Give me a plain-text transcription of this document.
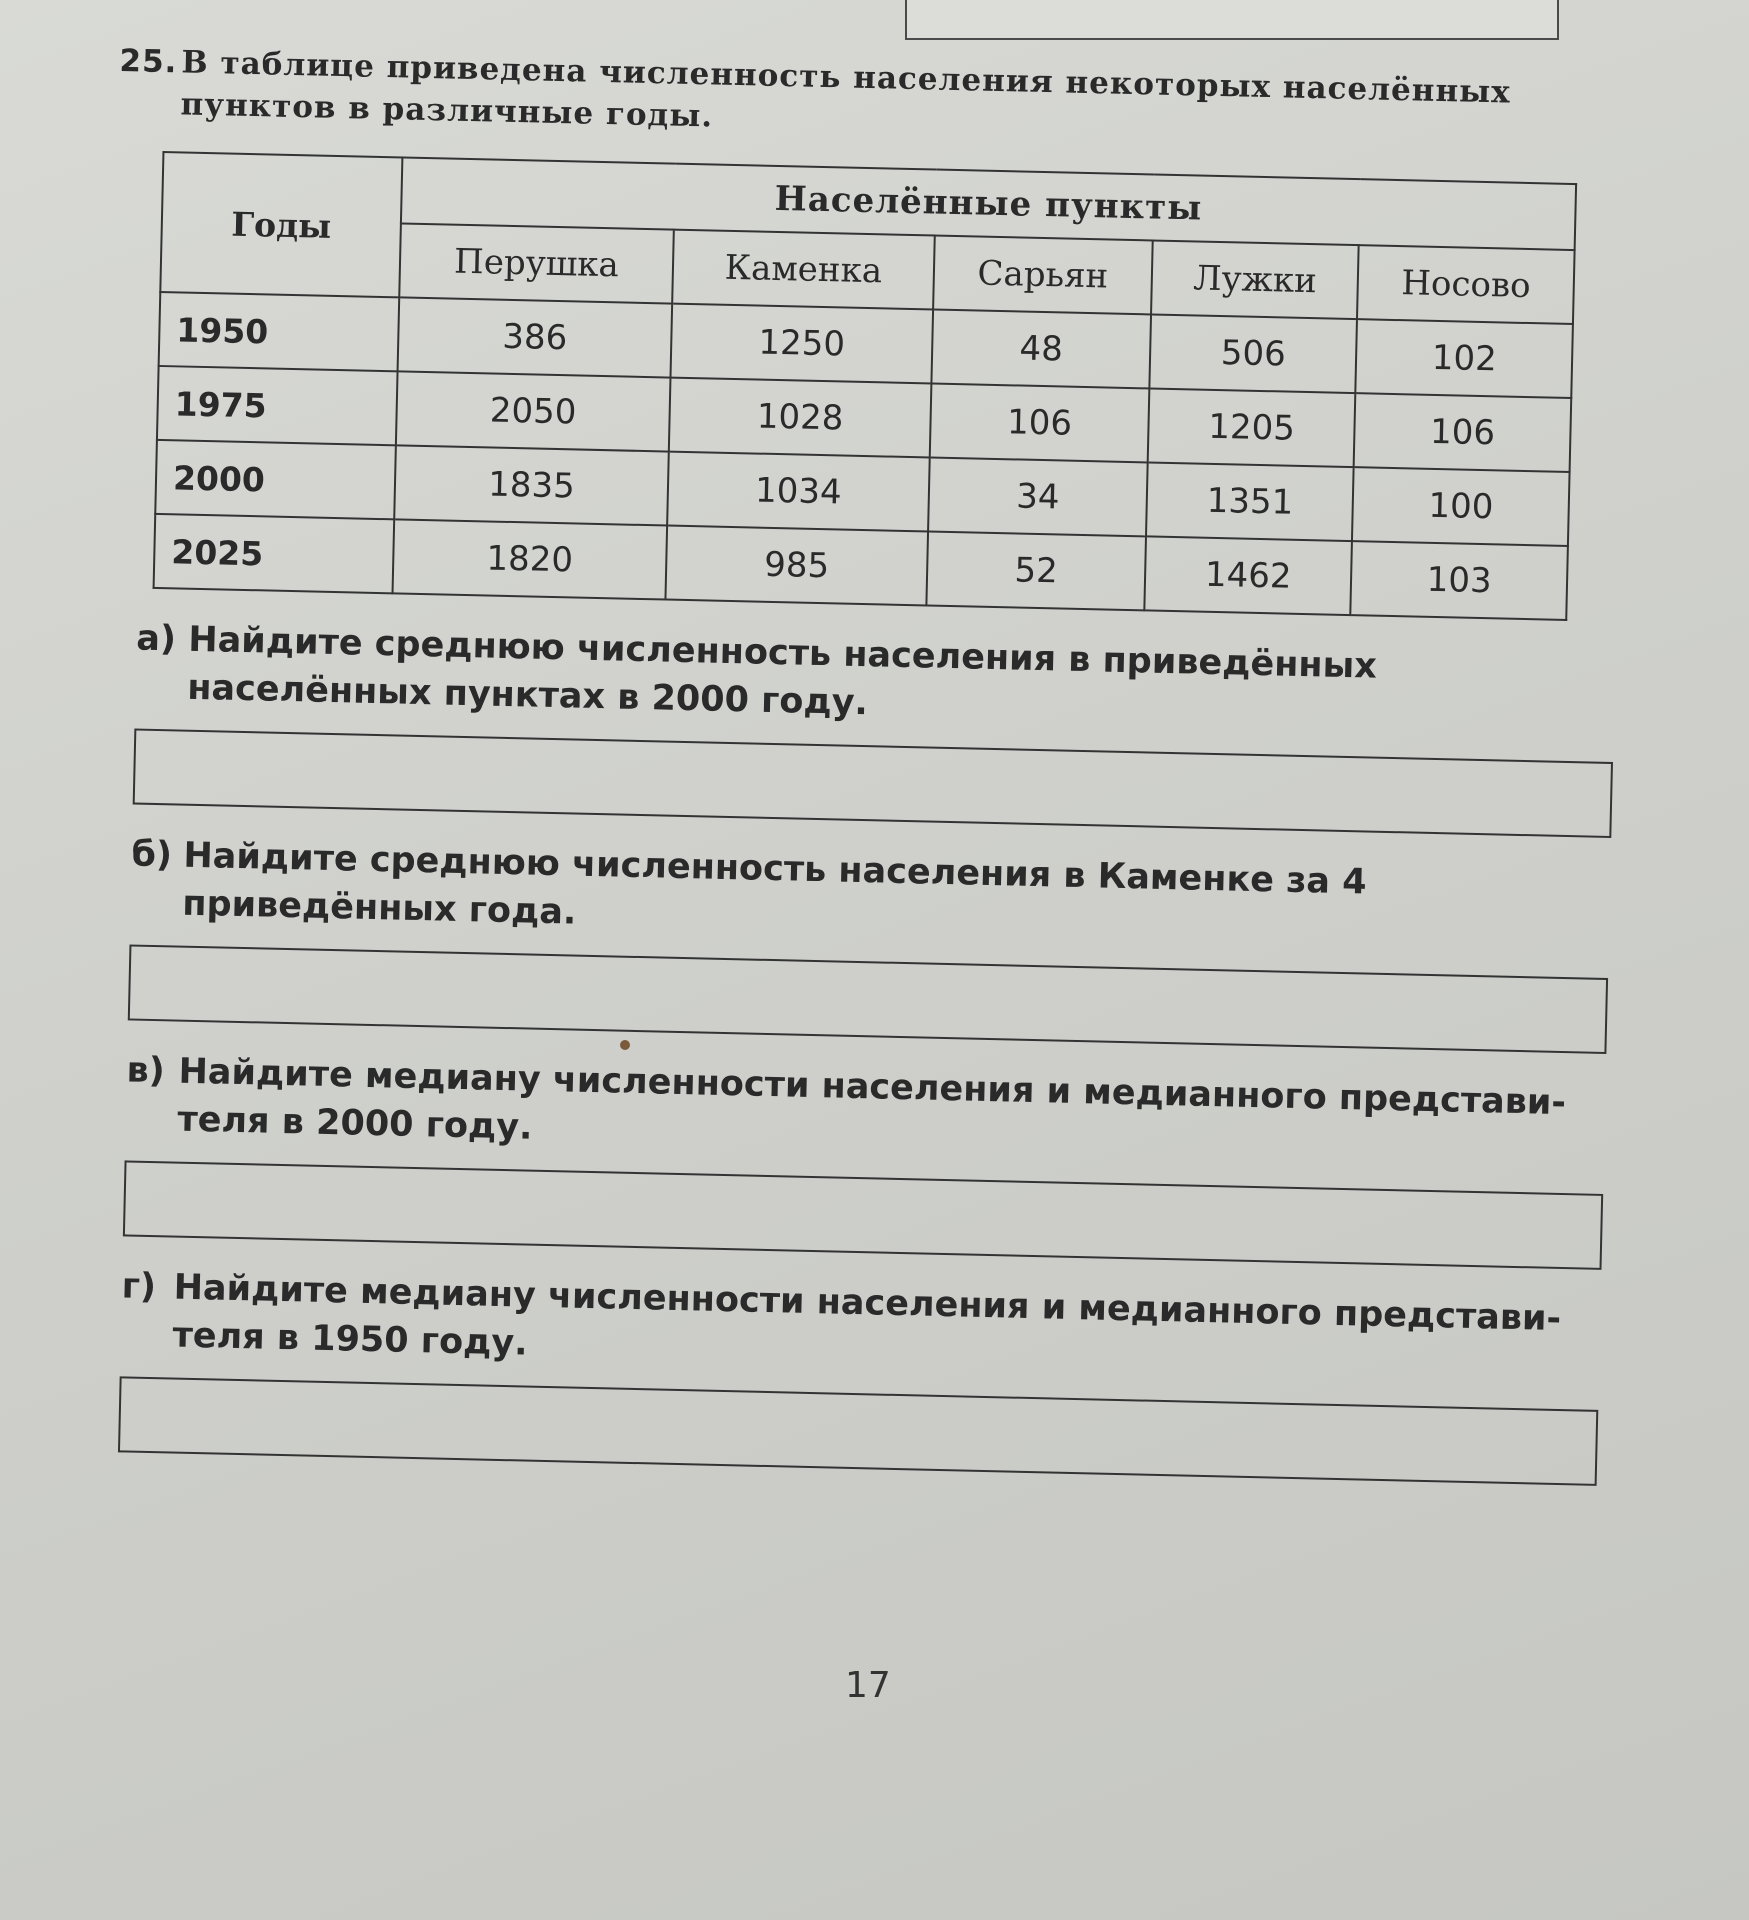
25. В таблице приведена численность населения некоторых населённых пунктов в различные годы.
Годы	Населённые пункты				
	Перушка	Каменка	Сарьян	Лужки	Носово
1950	386	1250	48	506	102
1975	2050	1028	106	1205	106
2000	1835	1034	34	1351	100
2025	1820	985	52	1462	103
а) Найдите среднюю численность населения в приведённых населённых пунктах в 2000 году.
б) Найдите среднюю численность населения в Каменке за 4 приведённых года.
в) Найдите медиану численности населения и медианного представителя в 2000 году.
г) Найдите медиану численности населения и медианного представителя в 1950 году.
17
